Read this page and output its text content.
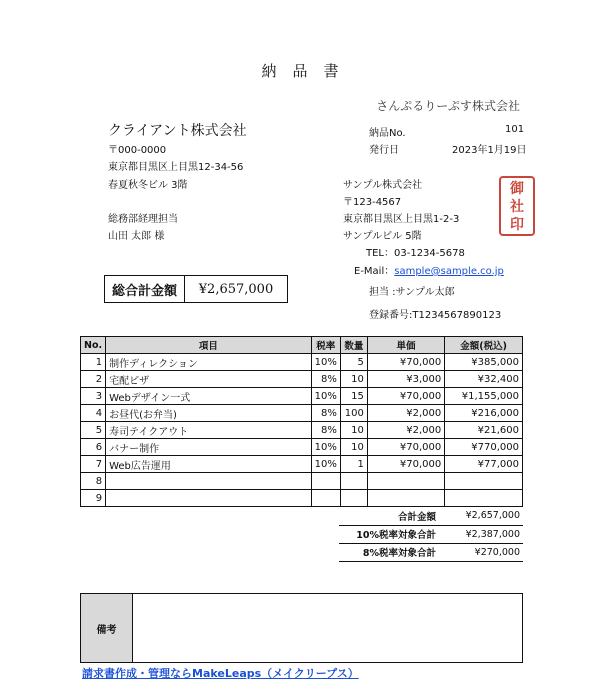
納品書
さんぷるりーぷす株式会社
クライアント株式会社
〒000-0000
東京都目黒区上目黒12-34-56
春夏秋冬ビル 3階
総務部経理担当
山田 太郎 様
納品No.	101
発行日	2023年1月19日
サンプル株式会社
〒123-4567
東京都目黒区上目黒1-2-3
サンプルビル 5階
TEL：03-1234-5678
E-Mail：sample@sample.co.jp
担当 :サンプル太郎
登録番号:T1234567890123
御
社
印
総合計金額	¥2,657,000
No.	項目	税率	数量	単価	金額(税込)
1	制作ディレクション	10%	5	¥70,000	¥385,000
2	宅配ピザ	8%	10	¥3,000	¥32,400
3	Webデザイン一式	10%	15	¥70,000	¥1,155,000
4	お昼代(お弁当)	8%	100	¥2,000	¥216,000
5	寿司テイクアウト	8%	10	¥2,000	¥21,600
6	バナー制作	10%	10	¥70,000	¥770,000
7	Web広告運用	10%	1	¥70,000	¥77,000
8					
9					
合計金額	¥2,657,000
10%税率対象合計	¥2,387,000
8%税率対象合計	¥270,000
備考
請求書作成・管理ならMakeLeaps（メイクリープス）
